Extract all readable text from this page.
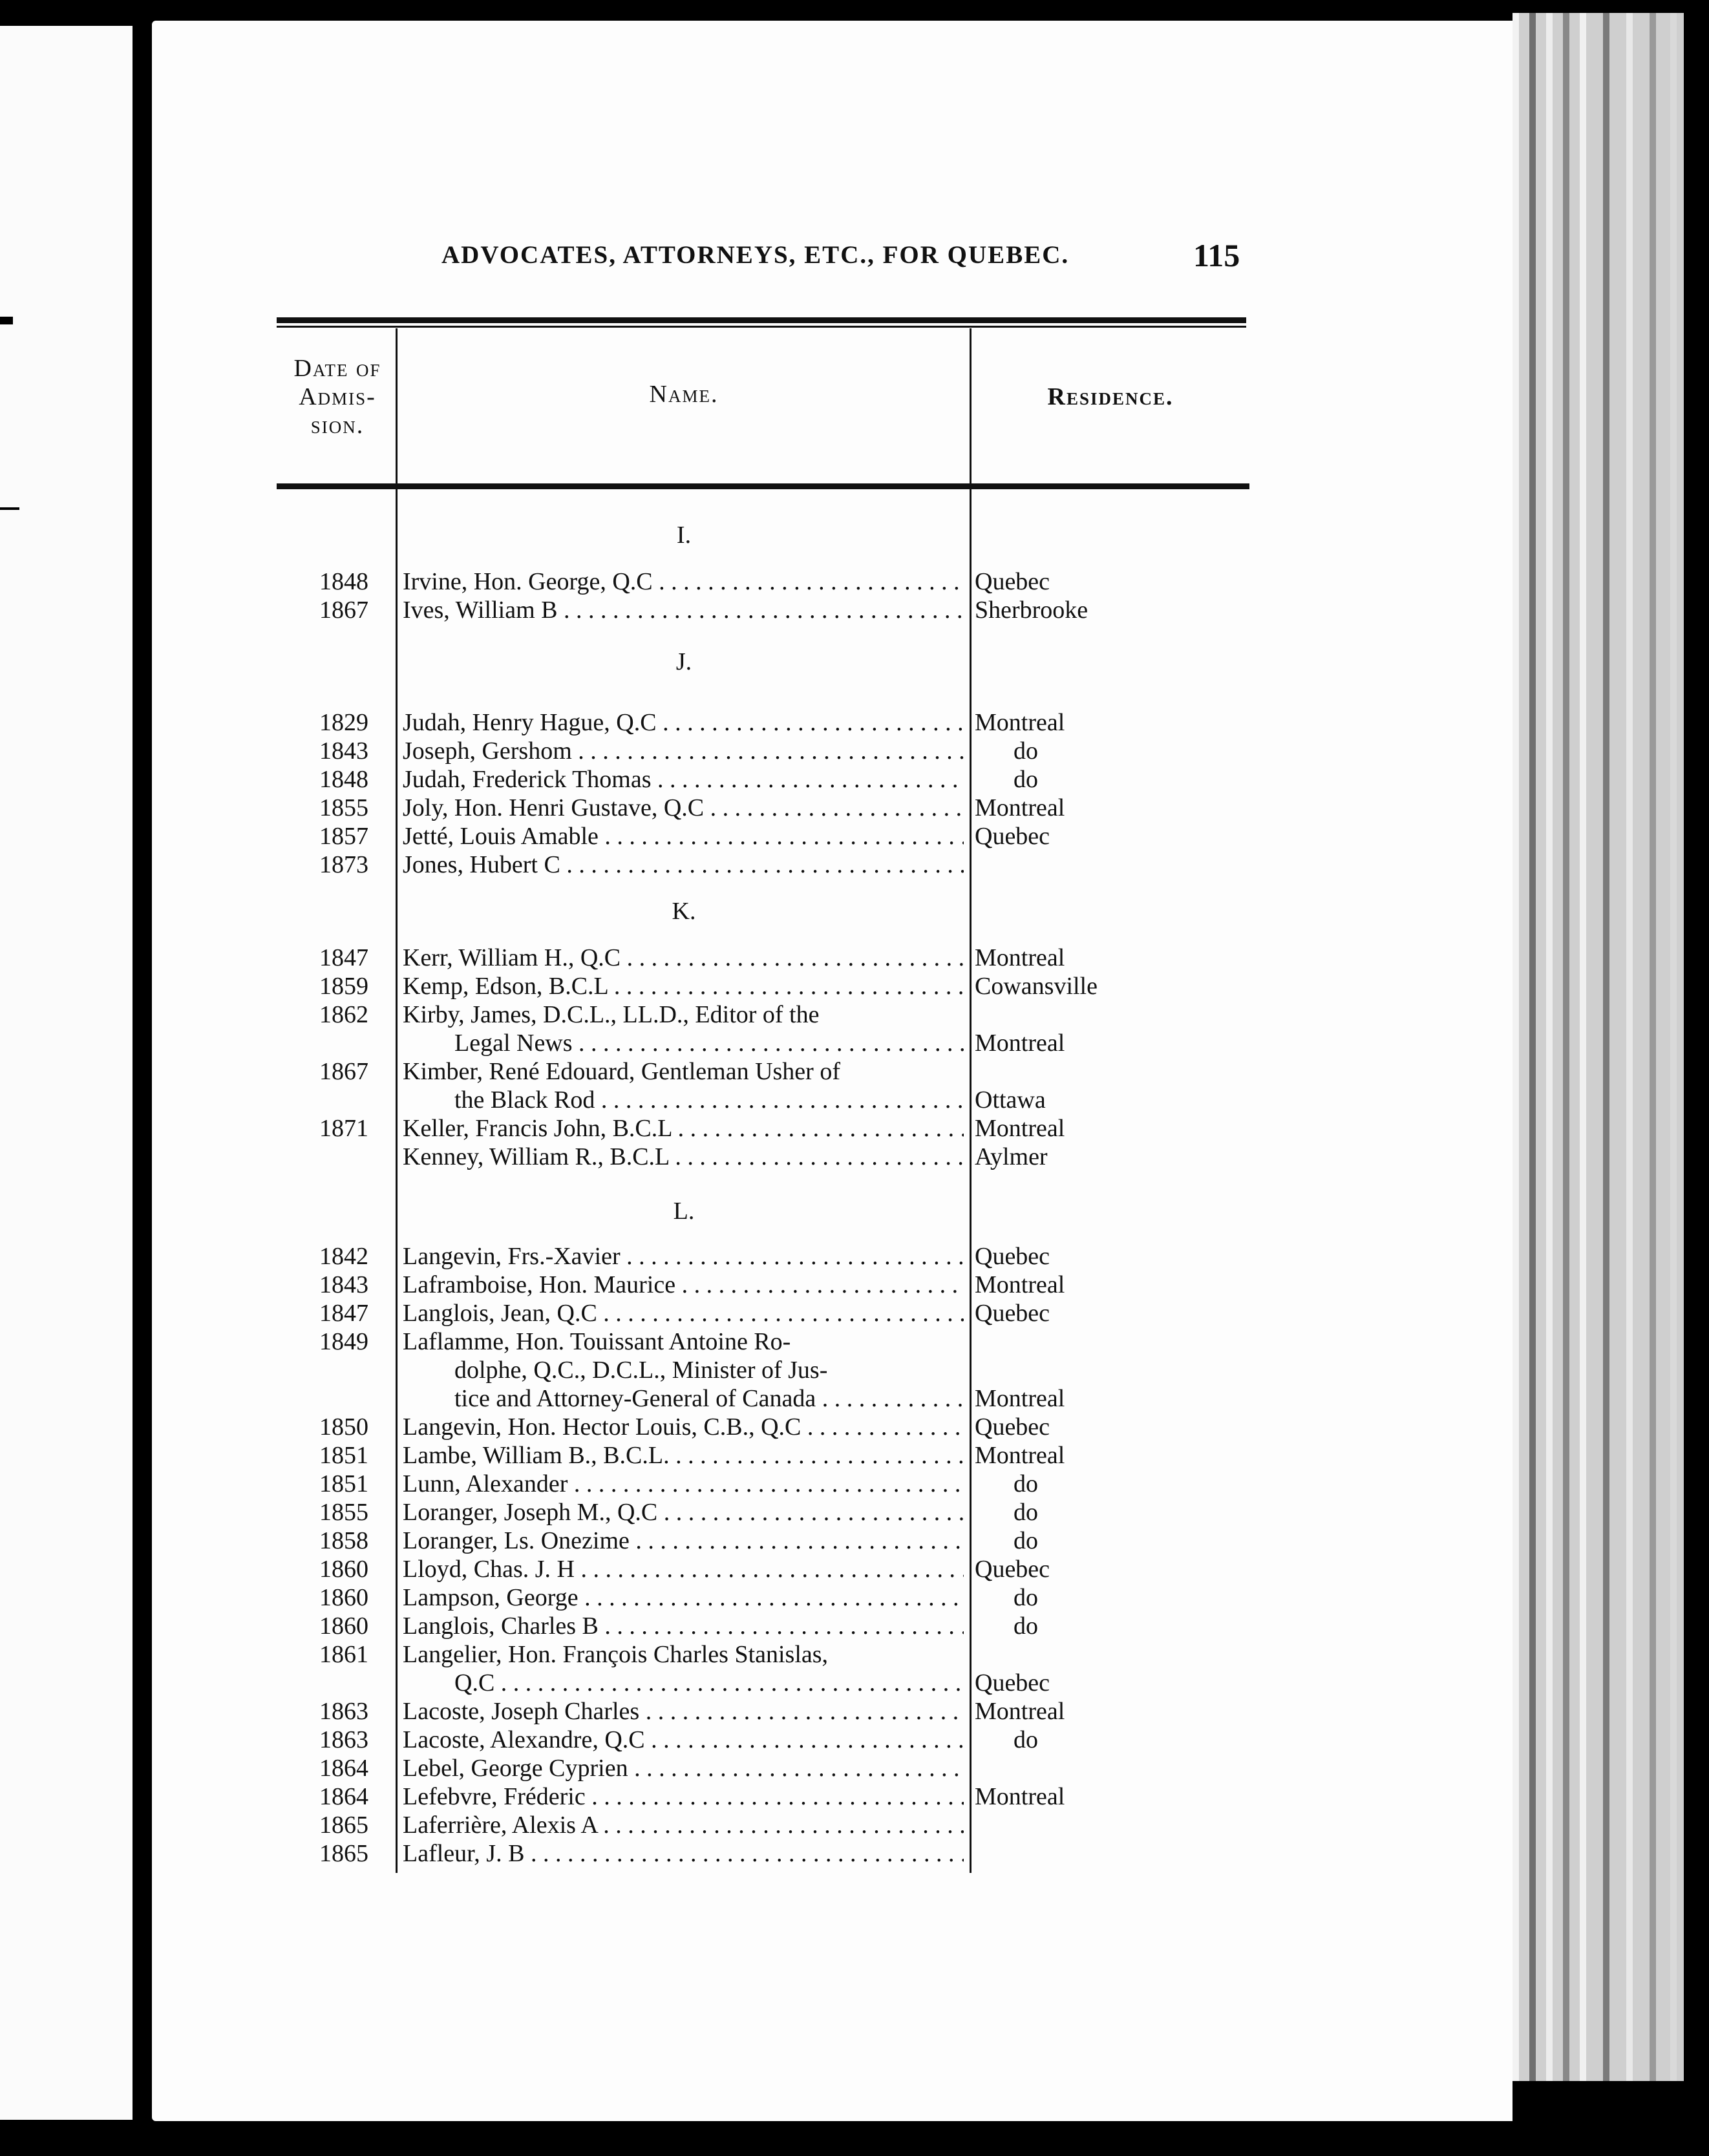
ADVOCATES, ATTORNEYS, ETC., FOR QUEBEC.	115
Date of
Admis-
sion.
Name.	Residence.
I.
J.
K.
L.
1848 Irvine, Hon. George, Q.C . . .	Quebec
1867 Ives, William B . . .	Sherbrooke
1829 Judah, Henry Hague, Q.C . . .	Montreal
1843 Joseph, Gershom . . .	do
1848 Judah, Frederick Thomas . . .	do
1855 Joly, Hon. Henri Gustave, Q.C . . .	Montreal
1857 Jetté, Louis Amable . . .	Quebec
1873 Jones, Hubert C . . .
1847 Kerr, William H., Q.C . . .	Montreal
1859 Kemp, Edson, B.C.L . . .	Cowansville
1862 Kirby, James, D.C.L., LL.D., Editor of the
Legal News . . .	Montreal
1867 Kimber, René Edouard, Gentleman Usher of
the Black Rod . . .	Ottawa
1871 Keller, Francis John, B.C.L . . .	Montreal
Kenney, William R., B.C.L . . .	Aylmer
1842 Langevin, Frs.-Xavier . . .	Quebec
1843 Laframboise, Hon. Maurice . . .	Montreal
1847 Langlois, Jean, Q.C . . .	Quebec
1849 Laflamme, Hon. Touissant Antoine Ro-
dolphe, Q.C., D.C.L., Minister of Jus-
tice and Attorney-General of Canada . . .	Montreal
1850 Langevin, Hon. Hector Louis, C.B., Q.C . . .	Quebec
1851 Lambe, William B., B.C.L. . . .	Montreal
1851 Lunn, Alexander . . .	do
1855 Loranger, Joseph M., Q.C . . .	do
1858 Loranger, Ls. Onezime . . .	do
1860 Lloyd, Chas. J. H . . .	Quebec
1860 Lampson, George . . .	do
1860 Langlois, Charles B . . .	do
1861 Langelier, Hon. François Charles Stanislas,
Q.C . . .	Quebec
1863 Lacoste, Joseph Charles . . .	Montreal
1863 Lacoste, Alexandre, Q.C . . .	do
1864 Lebel, George Cyprien . . .
1864 Lefebvre, Fréderic . . .	Montreal
1865 Laferrière, Alexis A . . .
1865 Lafleur, J. B . . .
